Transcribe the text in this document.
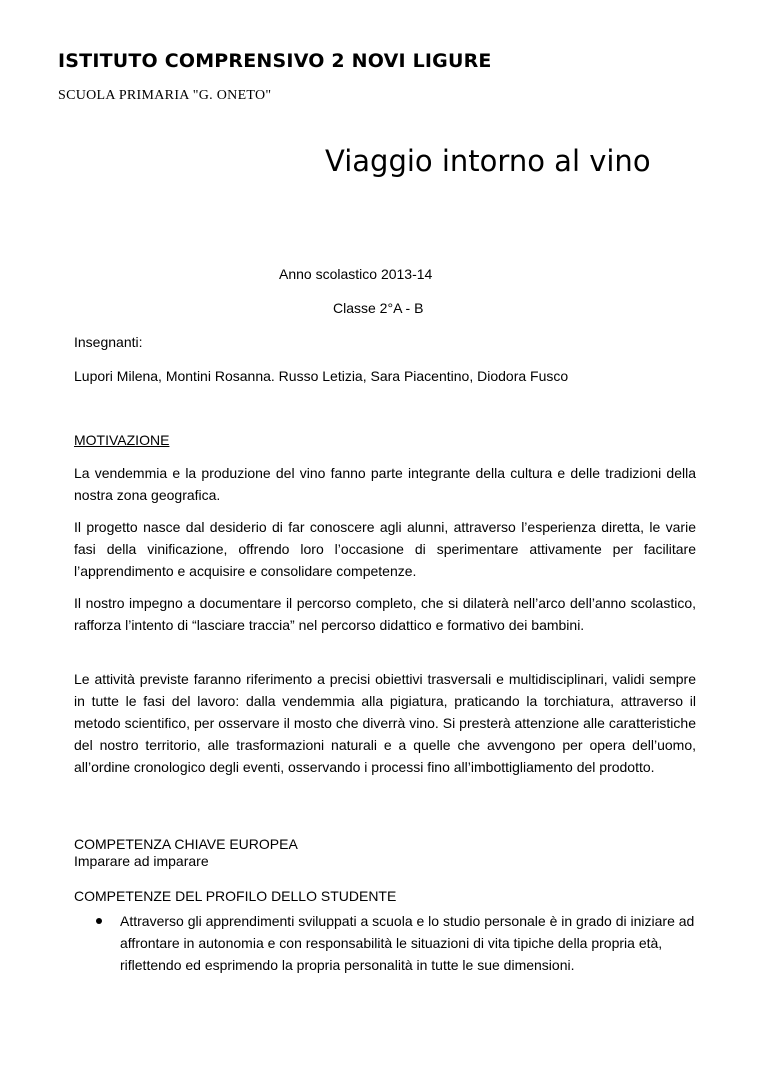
ISTITUTO COMPRENSIVO 2 NOVI LIGURE
SCUOLA PRIMARIA "G. ONETO"
Viaggio intorno al vino
Anno scolastico 2013-14
Classe 2°A - B
Insegnanti:
Lupori Milena, Montini Rosanna. Russo Letizia, Sara Piacentino, Diodora Fusco
MOTIVAZIONE

La vendemmia e la produzione del vino fanno parte integrante della cultura e delle tradizioni della nostra zona geografica.

Il progetto nasce dal desiderio di far conoscere agli alunni, attraverso l’esperienza diretta, le varie fasi della vinificazione, offrendo loro l’occasione di sperimentare attivamente per facilitare l’apprendimento e acquisire e consolidare competenze.

Il nostro impegno a documentare il percorso completo, che si dilaterà nell’arco dell’anno scolastico, rafforza l’intento di “lasciare traccia” nel percorso didattico e formativo dei bambini.

Le attività previste faranno riferimento a precisi obiettivi trasversali e multidisciplinari, validi sempre in tutte le fasi del lavoro: dalla vendemmia alla pigiatura, praticando la torchiatura, attraverso il metodo scientifico, per osservare il mosto che diverrà vino. Si presterà attenzione alle caratteristiche del nostro territorio, alle trasformazioni naturali e a quelle che avvengono per opera dell’uomo, all’ordine cronologico degli eventi, osservando i processi fino all’imbottigliamento del prodotto.

COMPETENZA CHIAVE EUROPEA
Imparare ad imparare
COMPETENZE DEL PROFILO DELLO STUDENTE
Attraverso gli apprendimenti sviluppati a scuola e lo studio personale è in grado di iniziare ad affrontare in autonomia e con responsabilità le situazioni di vita tipiche della propria età, riflettendo ed esprimendo la propria personalità in tutte le sue dimensioni.
